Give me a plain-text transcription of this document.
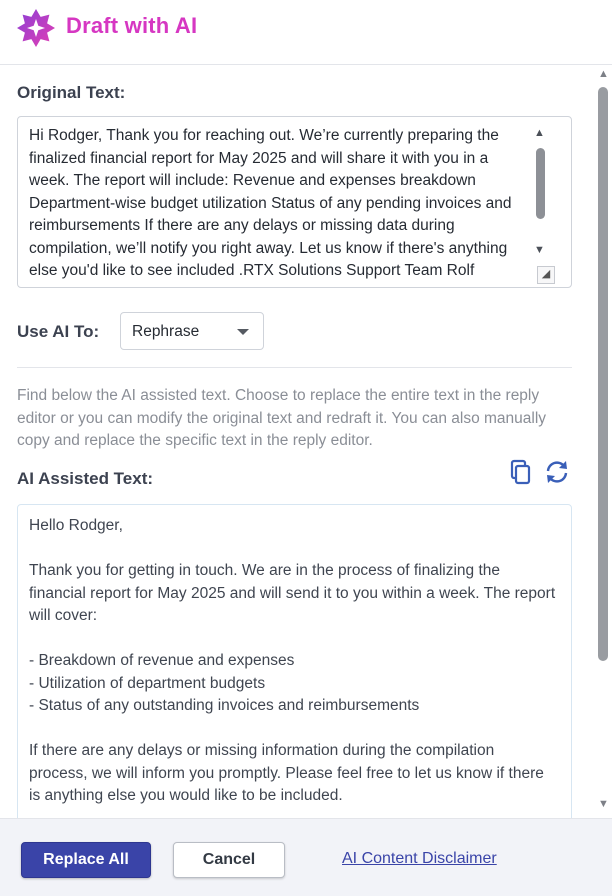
Draft with AI
Original Text:
Hi Rodger, Thank you for reaching out. We’re currently preparing the finalized financial report for May 2025 and will share it with you in a week. The report will include: Revenue and expenses breakdown Department-wise budget utilization Status of any pending invoices and reimbursements If there are any delays or missing data during compilation, we’ll notify you right away. Let us know if there's anything else you'd like to see included .RTX Solutions Support Team Rolf
▲
▼
◢
Use AI To: Rephrase
Find below the AI assisted text. Choose to replace the entire text in the reply editor or you can modify the original text and redraft it. You can also manually copy and replace the specific text in the reply editor.
AI Assisted Text:
Hello Rodger,

Thank you for getting in touch. We are in the process of finalizing the financial report for May 2025 and will send it to you within a week. The report will cover:

- Breakdown of revenue and expenses
- Utilization of department budgets
- Status of any outstanding invoices and reimbursements

If there are any delays or missing information during the compilation process, we will inform you promptly. Please feel free to let us know if there is anything else you would like to be included.
▲
▼
Replace All	Cancel	AI Content Disclaimer
